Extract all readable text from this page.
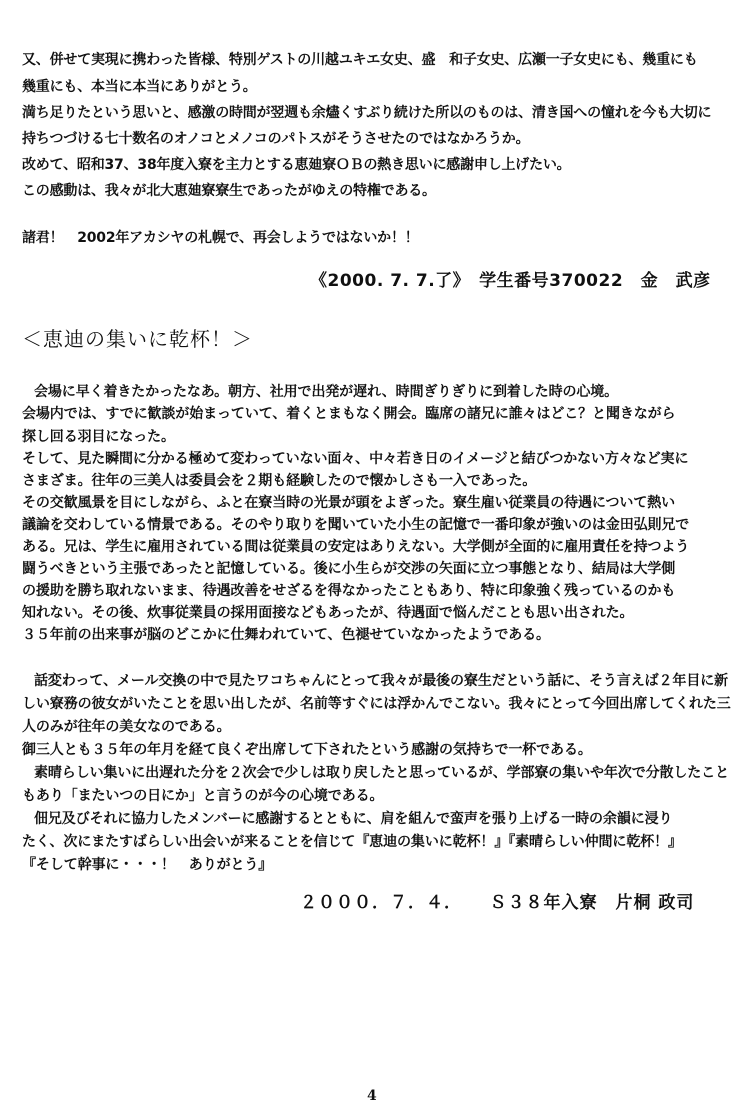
又、併せて実現に携わった皆様、特別ゲストの川越ユキエ女史、盛　和子女史、広瀬一子女史にも、幾重にも
幾重にも、本当に本当にありがとう。
満ち足りたという思いと、感激の時間が翌週も余燼くすぶり続けた所以のものは、清き国への憧れを今も大切に
持ちつづける七十数名のオノコとメノコのパトスがそうさせたのではなかろうか。
改めて、昭和37、38年度入寮を主力とする恵廸寮ＯＢの熱き思いに感謝申し上げたい。
この感動は、我々が北大恵廸寮寮生であったがゆえの特権である。
諸君！　2002年アカシヤの札幌で、再会しようではないか！！
《2000. 7. 7.了》　学生番号370022　金　武彦
＜恵迪の集いに乾杯！＞
会場に早く着きたかったなあ。朝方、社用で出発が遅れ、時間ぎりぎりに到着した時の心境。
会場内では、すでに歓談が始まっていて、着くとまもなく開会。臨席の諸兄に誰々はどこ？と聞きながら
探し回る羽目になった。
そして、見た瞬間に分かる極めて変わっていない面々、中々若き日のイメージと結びつかない方々など実に
さまざま。往年の三美人は委員会を２期も経験したので懐かしさも一入であった。
その交歓風景を目にしながら、ふと在寮当時の光景が頭をよぎった。寮生雇い従業員の待遇について熱い
議論を交わしている情景である。そのやり取りを聞いていた小生の記憶で一番印象が強いのは金田弘則兄で
ある。兄は、学生に雇用されている間は従業員の安定はありえない。大学側が全面的に雇用責任を持つよう
闘うべきという主張であったと記憶している。後に小生らが交渉の矢面に立つ事態となり、結局は大学側
の援助を勝ち取れないまま、待遇改善をせざるを得なかったこともあり、特に印象強く残っているのかも
知れない。その後、炊事従業員の採用面接などもあったが、待遇面で悩んだことも思い出された。
３５年前の出来事が脳のどこかに仕舞われていて、色褪せていなかったようである。
話変わって、メール交換の中で見たワコちゃんにとって我々が最後の寮生だという話に、そう言えば２年目に新
しい寮務の彼女がいたことを思い出したが、名前等すぐには浮かんでこない。我々にとって今回出席してくれた三
人のみが往年の美女なのである。
御三人とも３５年の年月を経て良くぞ出席して下されたという感謝の気持ちで一杯である。
素晴らしい集いに出遅れた分を２次会で少しは取り戻したと思っているが、学部寮の集いや年次で分散したこと
もあり「またいつの日にか」と言うのが今の心境である。
佃兄及びそれに協力したメンバーに感謝するとともに、肩を組んで蛮声を張り上げる一時の余韻に浸り
たく、次にまたすばらしい出会いが来ることを信じて『恵迪の集いに乾杯！』『素晴らしい仲間に乾杯！』
『そして幹事に・・・！　ありがとう』
２０００．７．４．　　Ｓ３８年入寮　片桐 政司
4
